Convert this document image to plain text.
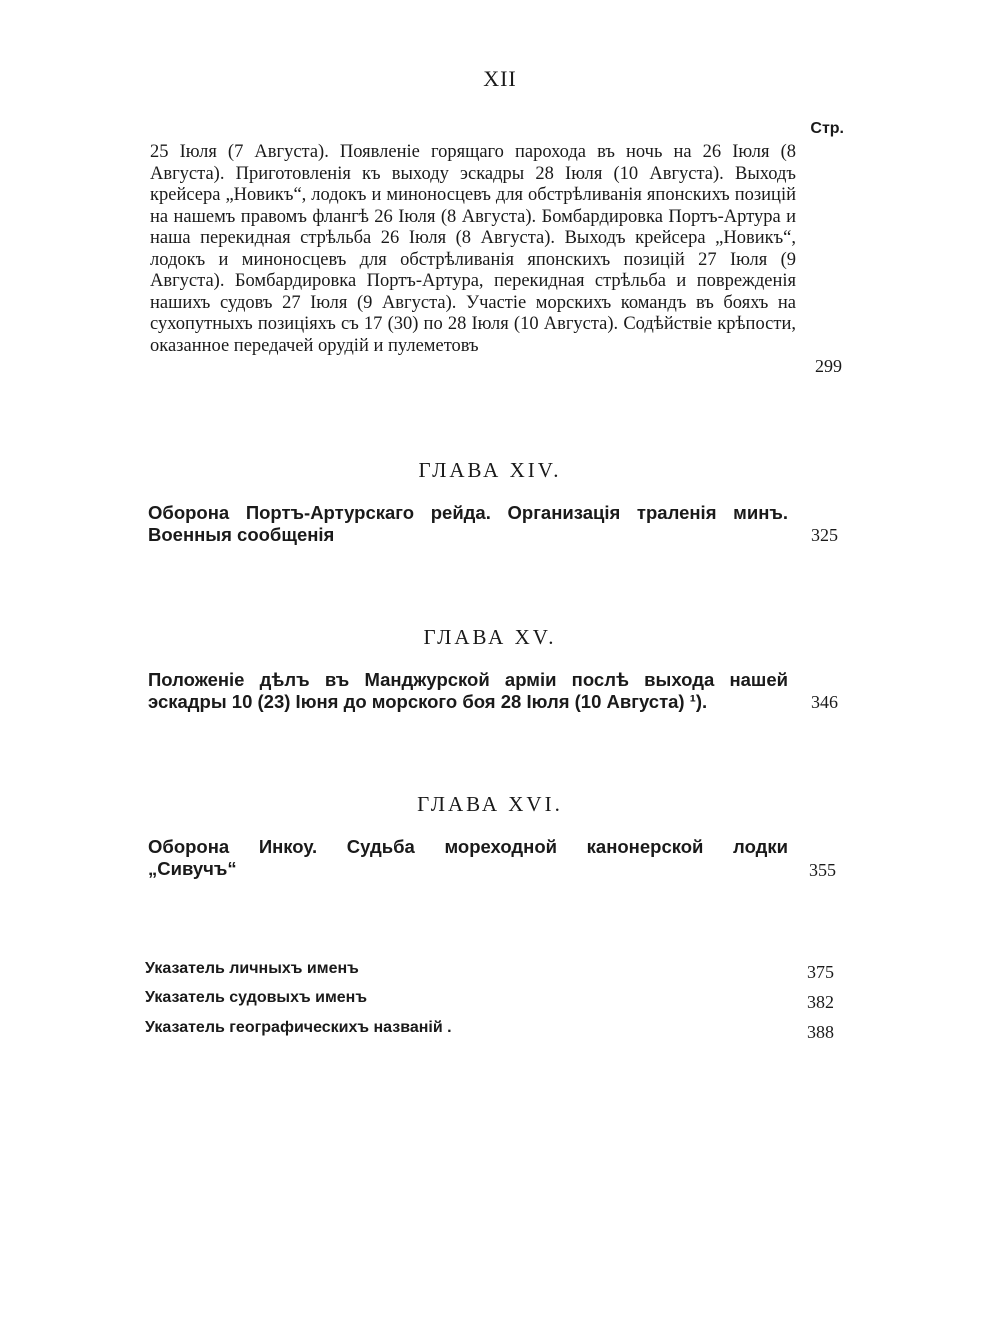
XII
Стр.
25 Іюля (7 Августа). Появленіе горящаго парохода въ ночь на 26 Іюля (8 Августа). Приготовленія къ выходу эскадры 28 Іюля (10 Августа). Выходъ крейсера „Новикъ“, лодокъ и миноносцевъ для обстрѣливанія японскихъ позицій на нашемъ правомъ флангѣ 26 Іюля (8 Августа). Бомбардировка Портъ-Артура и наша перекидная стрѣльба 26 Іюля (8 Августа). Выходъ крейсера „Новикъ“, лодокъ и миноносцевъ для обстрѣливанія японскихъ позицій 27 Іюля (9 Августа). Бомбардировка Портъ-Артура, перекидная стрѣльба и поврежденія нашихъ судовъ 27 Іюля (9 Августа). Участіе морскихъ командъ въ бояхъ на сухопутныхъ позиціяхъ съ 17 (30) по 28 Іюля (10 Августа). Содѣйствіе крѣпости, оказанное передачей орудій и пулеметовъ
299
ГЛАВА XIV.
Оборона Портъ-Артурскаго рейда. Организація траленія минъ.
Военныя сообщенія	325
ГЛАВА XV.
Положеніе дѣлъ въ Манджурской арміи послѣ выхода нашей
эскадры 10 (23) Іюня до морского боя 28 Іюля (10 Августа) ¹).	346
ГЛАВА XVI.
Оборона Инкоу. Судьба мореходной канонерской лодки
„Сивучъ“	355
Указатель личныхъ именъ	375
Указатель судовыхъ именъ	382
Указатель географическихъ названій .	388
